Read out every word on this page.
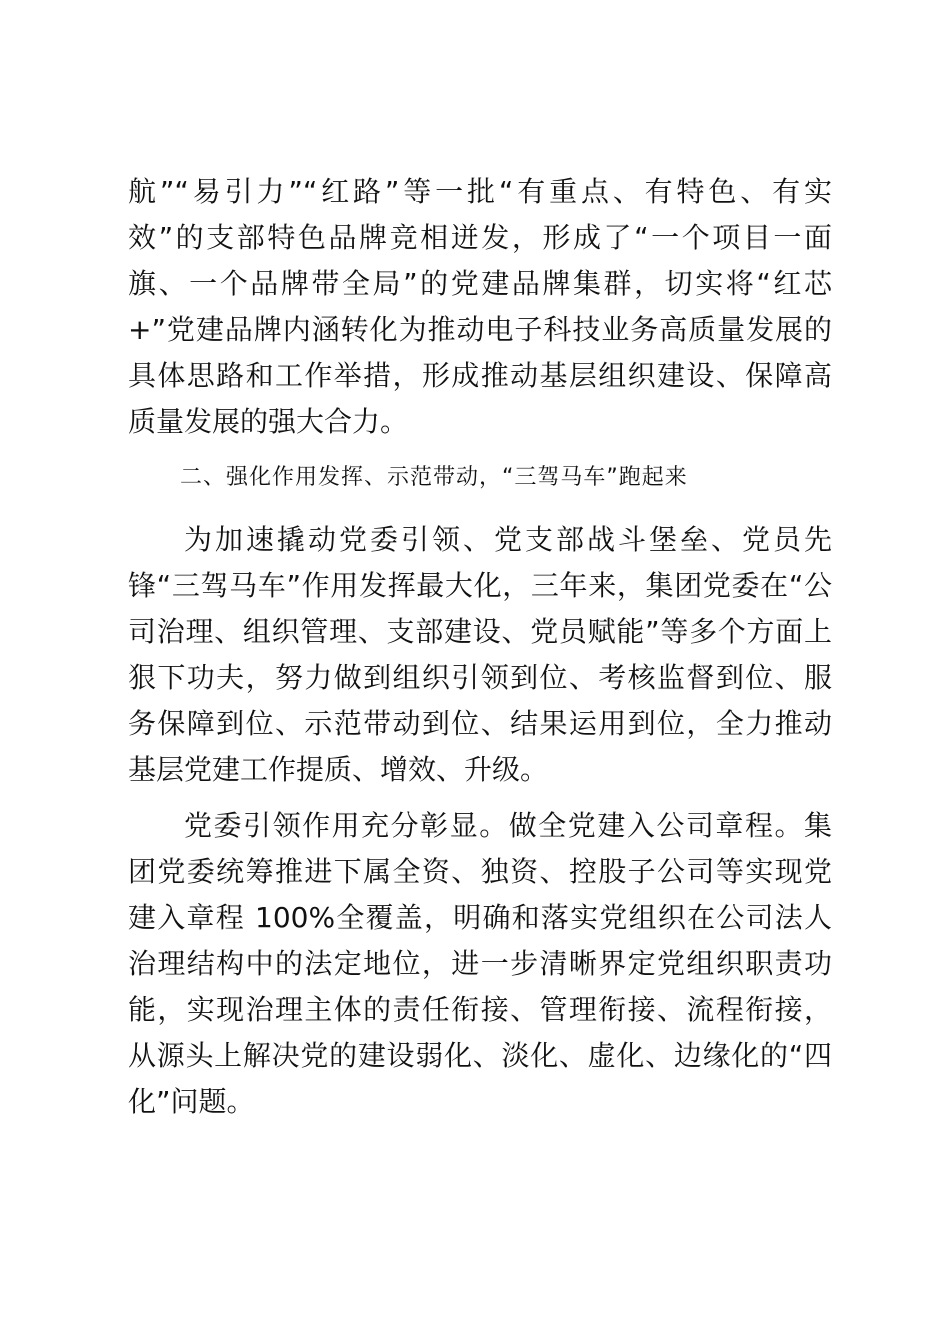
航”“易引力”“红路”等一批“有重点、有特色、有实
效”的支部特色品牌竞相迸发，形成了“一个项目一面
旗、一个品牌带全局”的党建品牌集群，切实将“红芯
+”党建品牌内涵转化为推动电子科技业务高质量发展的
具体思路和工作举措，形成推动基层组织建设、保障高
质量发展的强大合力。
二、强化作用发挥、示范带动，“三驾马车”跑起来
为加速撬动党委引领、党支部战斗堡垒、党员先
锋“三驾马车”作用发挥最大化，三年来，集团党委在“公
司治理、组织管理、支部建设、党员赋能”等多个方面上
狠下功夫，努力做到组织引领到位、考核监督到位、服
务保障到位、示范带动到位、结果运用到位，全力推动
基层党建工作提质、增效、升级。
党委引领作用充分彰显。做全党建入公司章程。集
团党委统筹推进下属全资、独资、控股子公司等实现党
建入章程 100%全覆盖，明确和落实党组织在公司法人
治理结构中的法定地位，进一步清晰界定党组织职责功
能，实现治理主体的责任衔接、管理衔接、流程衔接，
从源头上解决党的建设弱化、淡化、虚化、边缘化的“四
化”问题。
